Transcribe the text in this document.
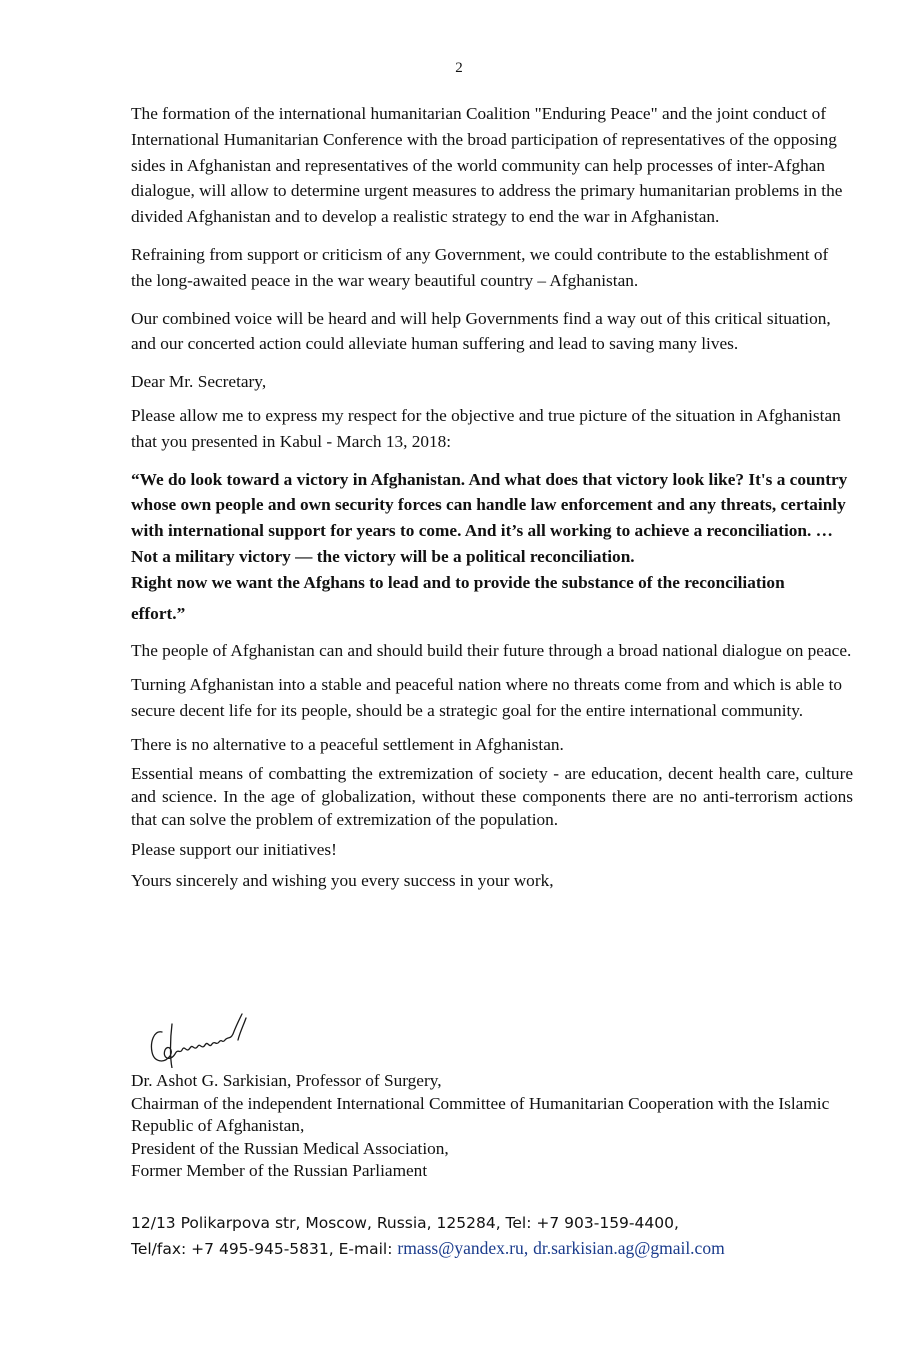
2

The formation of the international humanitarian Coalition "Enduring Peace" and the joint conduct of International Humanitarian Conference with the broad participation of representatives of the opposing sides in Afghanistan and representatives of the world community can help processes of inter-Afghan dialogue, will allow to determine urgent measures to address the primary humanitarian problems in the divided Afghanistan and to develop a realistic strategy to end the war in Afghanistan.

Refraining from support or criticism of any Government, we could contribute to the establishment of the long-awaited peace in the war weary beautiful country – Afghanistan.

Our combined voice will be heard and will help Governments find a way out of this critical situation, and our concerted action could alleviate human suffering and lead to saving many lives.

Dear Mr. Secretary,

Please allow me to express my respect for the objective and true picture of the situation in Afghanistan that you presented in Kabul - March 13, 2018:

“We do look toward a victory in Afghanistan. And what does that victory look like? It's a country whose own people and own security forces can handle law enforcement and any threats, certainly with international support for years to come. And it’s all working to achieve a reconciliation. …

Not a military victory — the victory will be a political reconciliation.

Right now we want the Afghans to lead and to provide the substance of the reconciliation

effort.”

The people of Afghanistan can and should build their future through a broad national dialogue on peace.

Turning Afghanistan into a stable and peaceful nation where no threats come from and which is able to secure decent life for its people, should be a strategic goal for the entire international community.

There is no alternative to a peaceful settlement in Afghanistan.

Essential means of combatting the extremization of society - are education, decent health care, culture and science. In the age of globalization, without these components there are no anti-terrorism actions that can solve the problem of extremization of the population.

Please support our initiatives!

Yours sincerely and wishing you every success in your work,

Dr. Ashot G. Sarkisian, Professor of Surgery,
Chairman of the independent International Committee of Humanitarian Cooperation with the Islamic Republic of Afghanistan,
President of the Russian Medical Association,
Former Member of the Russian Parliament
12/13 Polikarpova str, Moscow, Russia, 125284, Tel: +7 903-159-4400,
Tel/fax: +7 495-945-5831, E-mail: rmass@yandex.ru, dr.sarkisian.ag@gmail.com
